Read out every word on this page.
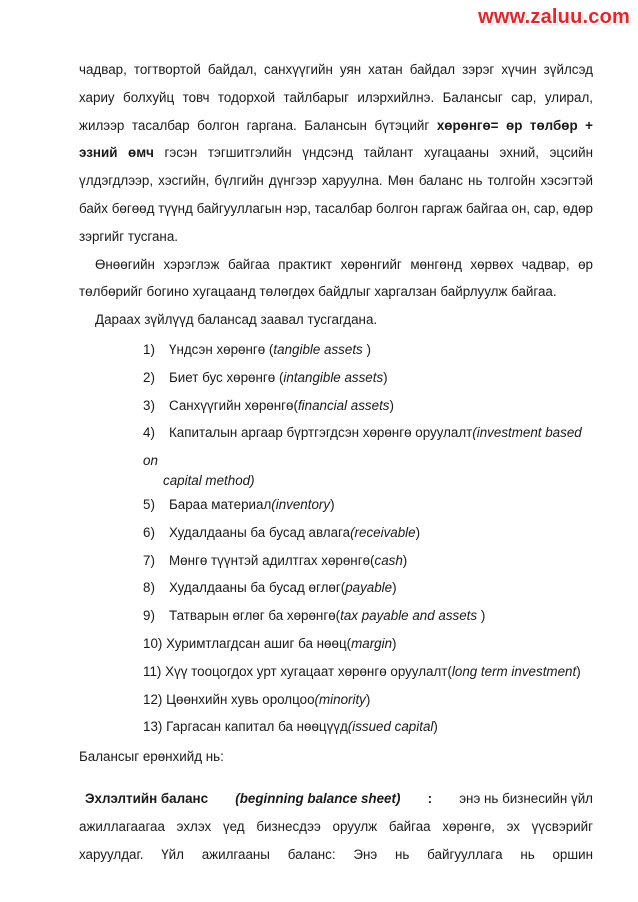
www.zaluu.com
чадвар, тогтвортой байдал, санхүүгийн уян хатан байдал зэрэг хүчин зүйлсэд
хариу болхуйц товч тодорхой тайлбарыг илэрхийлнэ. Балансыг сар, улирал,
жилээр тасалбар болгон гаргана. Балансын бүтэцийг хөрөнгө= өр төлбөр +
эзний өмч гэсэн тэгшитгэлийн үндсэнд тайлант хугацааны эхний, эцсийн
үлдэгдлээр, хэсгийн, бүлгийн дүнгээр харуулна. Мөн баланс нь толгойн хэсэгтэй
байх бөгөөд түүнд байгууллагын нэр, тасалбар болгон гаргаж байгаа он, сар, өдөр
зэргийг тусгана.
Өнөөгийн хэрэглэж байгаа практикт хөрөнгийг мөнгөнд хөрвөх чадвар, өр
төлбөрийг богино хугацаанд төлөгдөх байдлыг харгалзан байрлуулж байгаа.
Дараах зүйлүүд балансад заавал тусгагдана.
1) Үндсэн хөрөнгө (tangible assets )
2) Биет бус хөрөнгө (intangible assets)
3) Санхүүгийн хөрөнгө(financial assets)
4) Капиталын аргаар бүртгэгдсэн хөрөнгө оруулалт(investment based on
capital method)
5) Бараа материал(inventory)
6) Худалдааны ба бусад авлага(receivable)
7) Мөнгө түүнтэй адилтгах хөрөнгө(cash)
8) Худалдааны ба бусад өглөг(payable)
9) Татварын өглөг ба хөрөнгө(tax payable and assets )
10) Хуримтлагдсан ашиг ба нөөц(margin)
11) Хүү тооцогдох урт хугацаат хөрөнгө оруулалт(long term investment)
12) Цөөнхийн хувь оролцоо(minority)
13) Гаргасан капитал ба нөөцүүд(issued capital)
Балансыг ерөнхийд нь:
Эхлэлтийн баланс (beginning balance sheet) : энэ нь бизнесийн үйл
ажиллагаагаа эхлэх үед бизнесдээ оруулж байгаа хөрөнгө, эх үүсвэрийг
харуулдаг. Үйл ажилгааны баланс: Энэ нь байгууллага нь оршин
